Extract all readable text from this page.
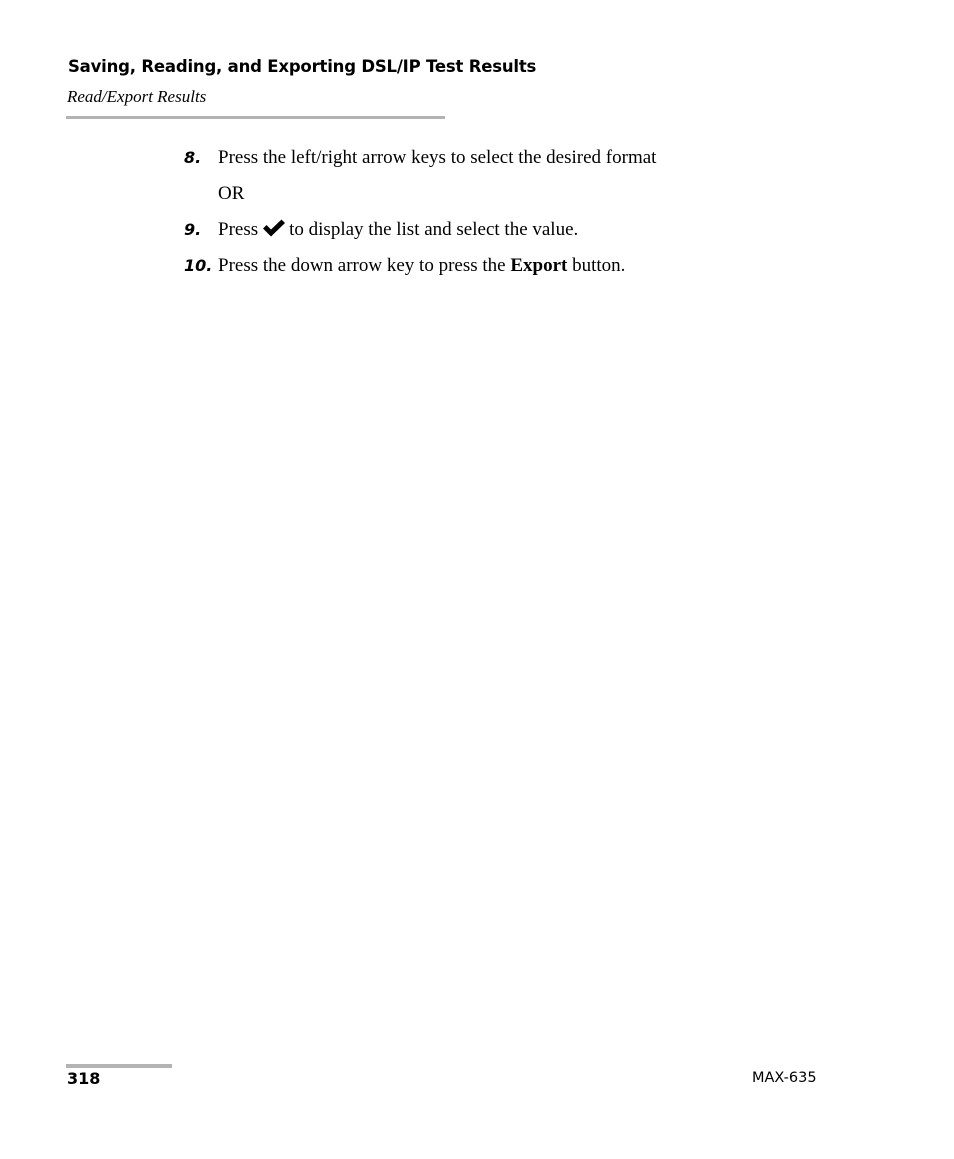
Saving, Reading, and Exporting DSL/IP Test Results
Read/Export Results
8. Press the left/right arrow keys to select the desired format
OR
9. Press to display the list and select the value.
10. Press the down arrow key to press the Export button.
318	MAX-635
